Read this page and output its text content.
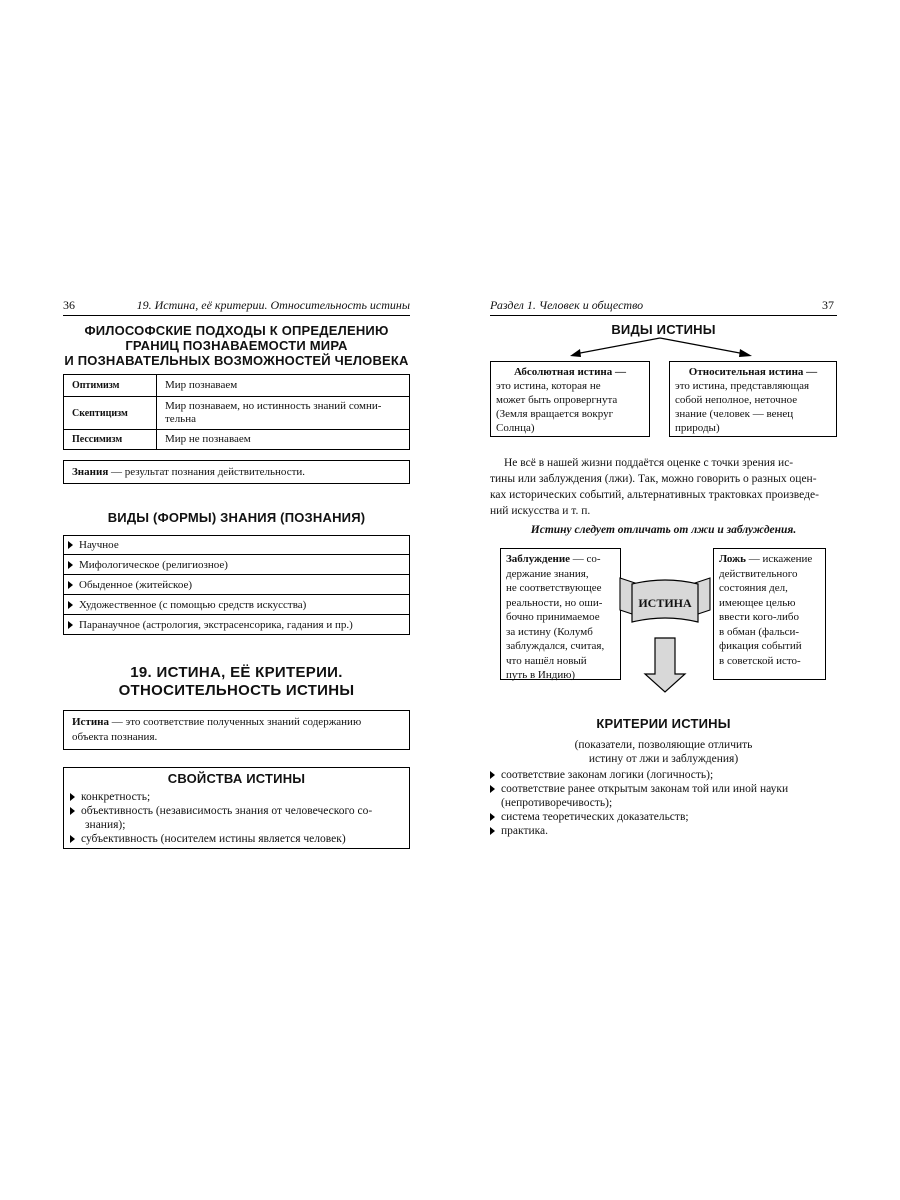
36	19. Истина, её критерии. Относительность истины
ФИЛОСОФСКИЕ ПОДХОДЫ К ОПРЕДЕЛЕНИЮ
ГРАНИЦ ПОЗНАВАЕМОСТИ МИРА
И ПОЗНАВАТЕЛЬНЫХ ВОЗМОЖНОСТЕЙ ЧЕЛОВЕКА
Оптимизм	Мир познаваем
Скептицизм	Мир познаваем, но истинность знаний сомни-
тельна

Пессимизм	Мир не познаваем
Знания — результат познания действительности.
ВИДЫ (ФОРМЫ) ЗНАНИЯ (ПОЗНАНИЯ)
Научное
Мифологическое (религиозное)
Обыденное (житейское)
Художественное (с помощью средств искусства)
Паранаучное (астрология, экстрасенсорика, гадания и пр.)
19. ИСТИНА, ЕЁ КРИТЕРИИ.
ОТНОСИТЕЛЬНОСТЬ ИСТИНЫ
Истина — это соответствие полученных знаний содержанию
объекта познания.
СВОЙСТВА ИСТИНЫ
конкретность;
объективность (независимость знания от человеческого со-
знания);
субъективность (носителем истины является человек)
Раздел 1. Человек и общество	37
ВИДЫ ИСТИНЫ
Абсолютная истина —
это истина, которая не
может быть опровергнута
(Земля вращается вокруг
Солнца)
Относительная истина —
это истина, представляющая
собой неполное, неточное
знание (человек — венец
природы)
Не всё в нашей жизни поддаётся оценке с точки зрения ис-
тины или заблуждения (лжи). Так, можно говорить о разных оцен-
ках исторических событий, альтернативных трактовках произведе-
ний искусства и т. п.
Истину следует отличать от лжи и заблуждения.
Заблуждение — со-
держание знания,
не соответствующее
реальности, но оши-
бочно принимаемое
за истину (Колумб
заблуждался, считая,
что нашёл новый
путь в Индию)
Ложь — искажение
действительного
состояния дел,
имеющее целью
ввести кого-либо
в обман (фальси-
фикация событий
в советской исто-
ИСТИНА
КРИТЕРИИ ИСТИНЫ
(показатели, позволяющие отличить
истину от лжи и заблуждения)
соответствие законам логики (логичность);
соответствие ранее открытым законам той или иной науки
(непротиворечивость);
система теоретических доказательств;
практика.
